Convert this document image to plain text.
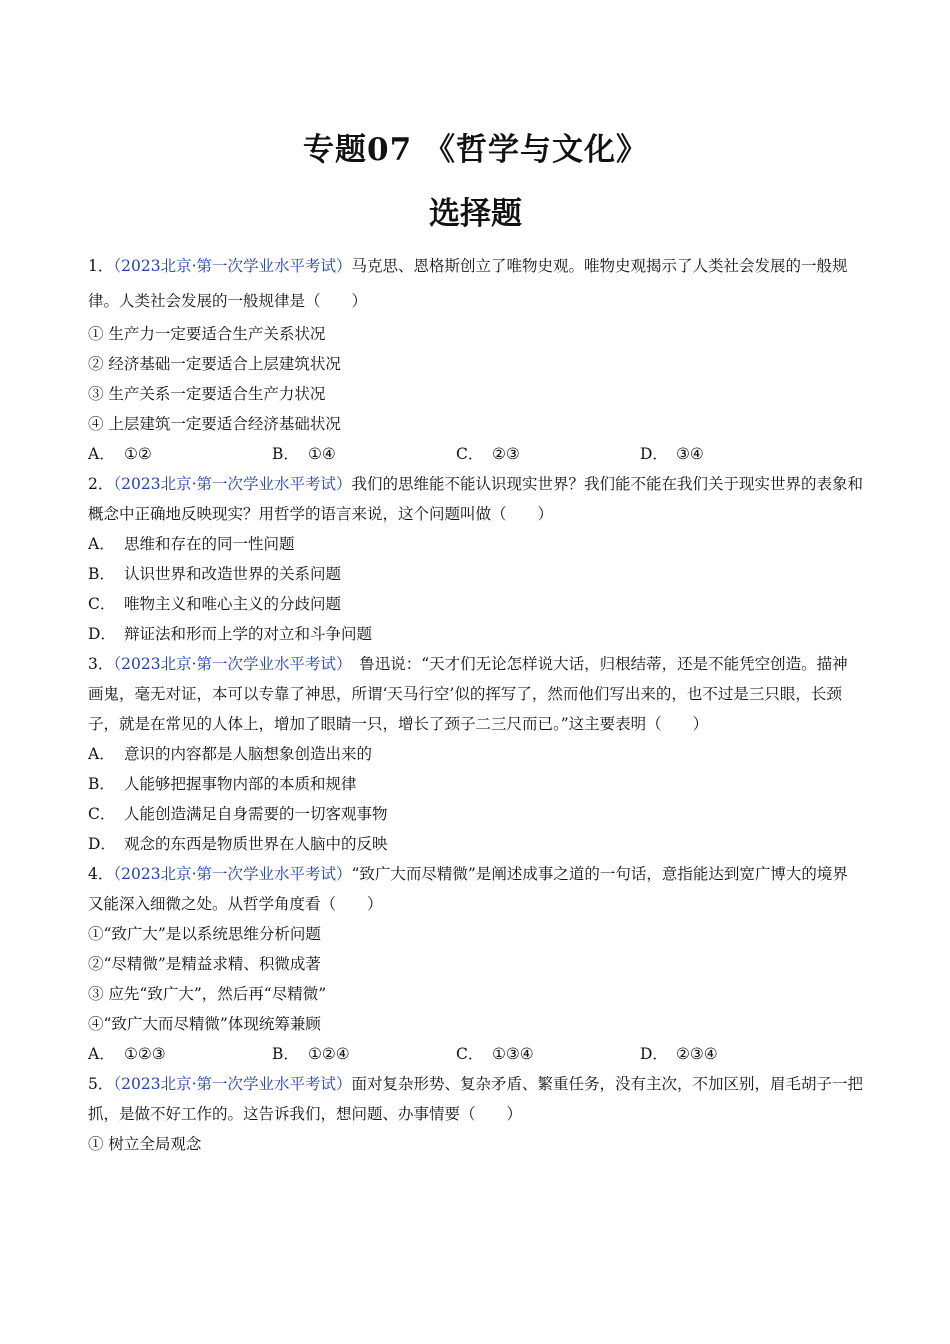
专题07 《哲学与文化》
选择题

1．（2023北京·第一次学业水平考试）马克思、恩格斯创立了唯物史观。唯物史观揭示了人类社会发展的一般规律。人类社会发展的一般规律是（　　）

① 生产力一定要适合生产关系状况

② 经济基础一定要适合上层建筑状况

③ 生产关系一定要适合生产力状况

④ 上层建筑一定要适合经济基础状况

A． ①②	B． ①④	C． ②③	D． ③④

2．（2023北京·第一次学业水平考试）我们的思维能不能认识现实世界？我们能不能在我们关于现实世界的表象和概念中正确地反映现实？用哲学的语言来说，这个问题叫做（　　）

A． 思维和存在的同一性问题

B． 认识世界和改造世界的关系问题

C． 唯物主义和唯心主义的分歧问题

D． 辩证法和形而上学的对立和斗争问题

3．（2023北京·第一次学业水平考试）　鲁迅说：“天才们无论怎样说大话，归根结蒂，还是不能凭空创造。描神画鬼，毫无对证，本可以专靠了神思，所谓‘天马行空’似的挥写了，然而他们写出来的，也不过是三只眼，长颈子，就是在常见的人体上，增加了眼睛一只，增长了颈子二三尺而已。”这主要表明（　　）

A． 意识的内容都是人脑想象创造出来的

B． 人能够把握事物内部的本质和规律

C． 人能创造满足自身需要的一切客观事物

D． 观念的东西是物质世界在人脑中的反映

4．（2023北京·第一次学业水平考试）“致广大而尽精微”是阐述成事之道的一句话，意指能达到宽广博大的境界又能深入细微之处。从哲学角度看（　　）

①“致广大”是以系统思维分析问题

②“尽精微”是精益求精、积微成著

③ 应先“致广大”，然后再“尽精微”

④“致广大而尽精微”体现统筹兼顾

A． ①②③	B． ①②④	C． ①③④	D． ②③④

5．（2023北京·第一次学业水平考试）面对复杂形势、复杂矛盾、繁重任务，没有主次，不加区别，眉毛胡子一把抓，是做不好工作的。这告诉我们，想问题、办事情要（　　）

① 树立全局观念
